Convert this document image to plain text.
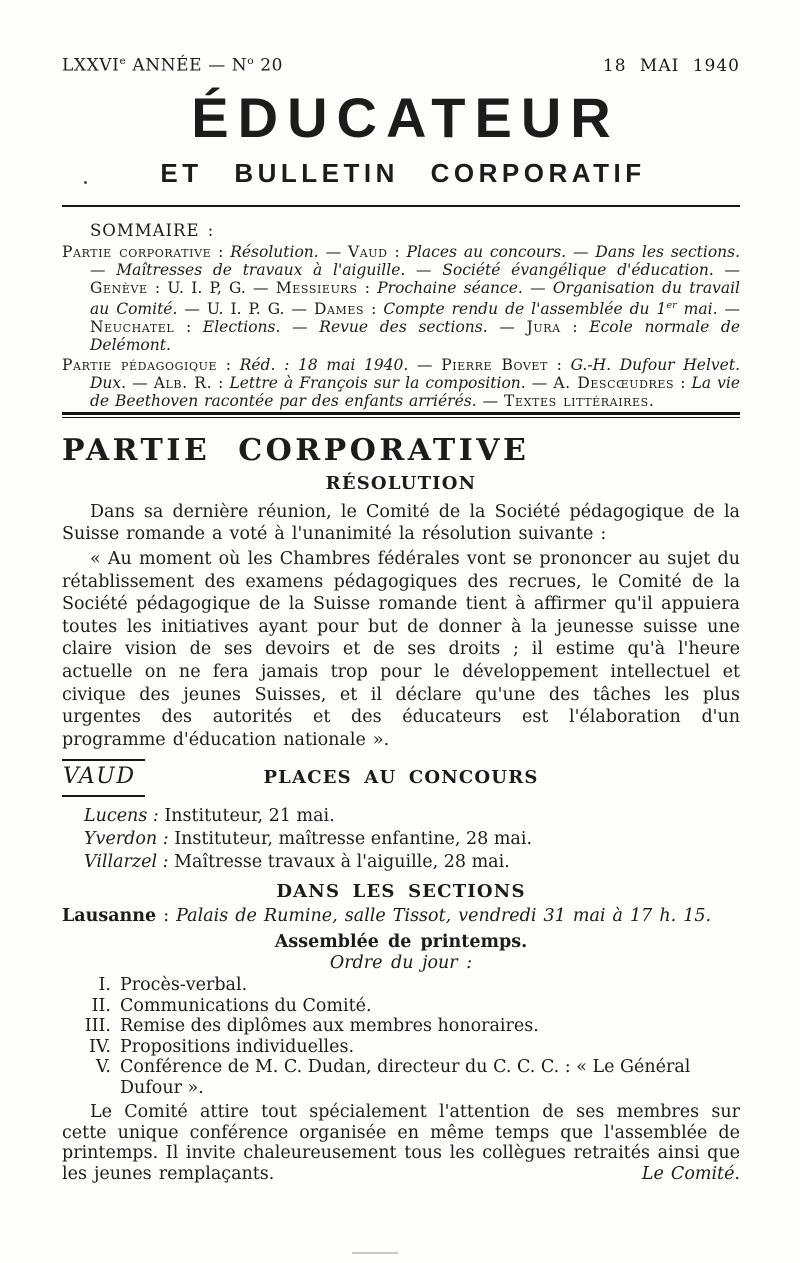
LXXVIe ANNÉE — $N^o$ 20	18 MAI 1940
ÉDUCATEUR
ET BULLETIN CORPORATIF
SOMMAIRE :

Partie corporative : Résolution. — Vaud : Places au concours. — Dans les sections. — Maîtresses de travaux à l'aiguille. — Société évangélique d'éducation. — Genève : U. I. P, G. — Messieurs : Prochaine séance. — Organisation du travail au Comité. — U. I. P. G. — Dames : Compte rendu de l'assemblée du 1er mai. — Neuchatel : Elections. — Revue des sections. — Jura : Ecole normale de Delémont.

Partie pédagogique : Réd. : 18 mai 1940. — Pierre Bovet : G.-H. Dufour Helvet. Dux. — Alb. R. : Lettre à François sur la composition. — A. Descœudres : La vie de Beethoven racontée par des enfants arriérés. — Textes littéraires.

PARTIE CORPORATIVE
RÉSOLUTION

Dans sa dernière réunion, le Comité de la Société pédagogique de la Suisse romande a voté à l'unanimité la résolution suivante :

« Au moment où les Chambres fédérales vont se prononcer au sujet du rétablissement des examens pédagogiques des recrues, le Comité de la Société pédagogique de la Suisse romande tient à affirmer qu'il appuiera toutes les initiatives ayant pour but de donner à la jeunesse suisse une claire vision de ses devoirs et de ses droits ; il estime qu'à l'heure actuelle on ne fera jamais trop pour le développement intellectuel et civique des jeunes Suisses, et il déclare qu'une des tâches les plus urgentes des autorités et des éducateurs est l'élaboration d'un programme d'éducation nationale ».

VAUD	PLACES AU CONCOURS

Lucens : Instituteur, 21 mai.

Yverdon : Instituteur, maîtresse enfantine, 28 mai.

Villarzel : Maîtresse travaux à l'aiguille, 28 mai.

DANS LES SECTIONS

Lausanne : Palais de Rumine, salle Tissot, vendredi 31 mai à 17 h. 15.

Assemblée de printemps.
Ordre du jour :
I. Procès-verbal.
II. Communications du Comité.
III. Remise des diplômes aux membres honoraires.
IV. Propositions individuelles.
V. Conférence de M. C. Dudan, directeur du C. C. C. : « Le Général Dufour ».

Le Comité attire tout spécialement l'attention de ses membres sur cette unique conférence organisée en même temps que l'assemblée de printemps. Il invite chaleureusement tous les collègues retraités ainsi que les jeunes remplaçants.	Le Comité.
